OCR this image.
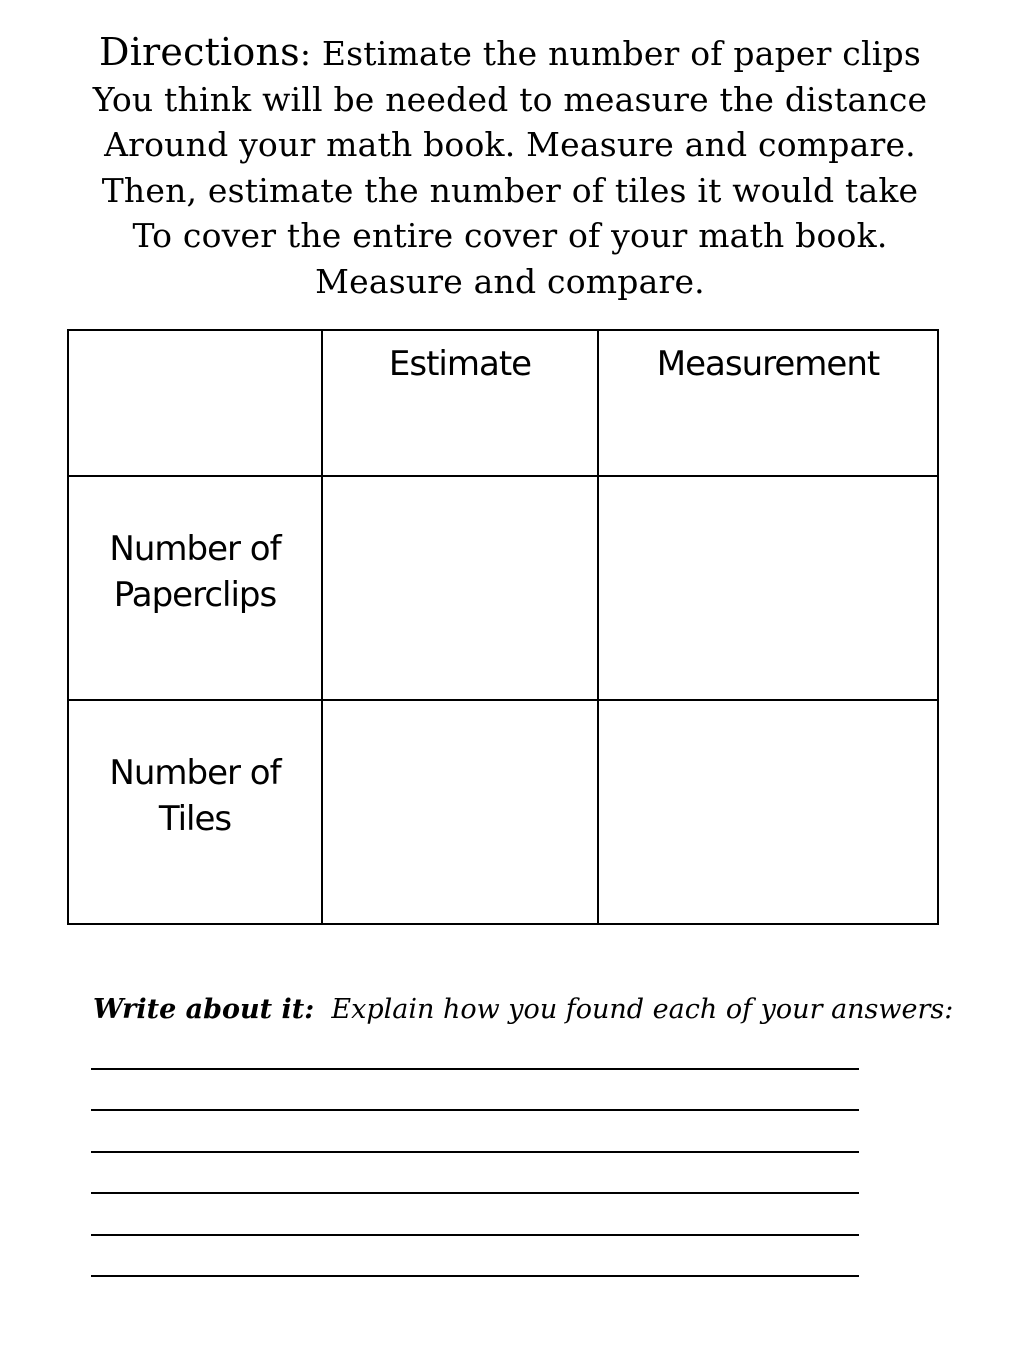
Directions: Estimate the number of paper clips
You think will be needed to measure the distance
Around your math book. Measure and compare.
Then, estimate the number of tiles it would take
To cover the entire cover of your math book.
Measure and compare.
	Estimate	Measurement

Number of
Paperclips		

Number of
Tiles		

Write about it: Explain how you found each of your answers:
